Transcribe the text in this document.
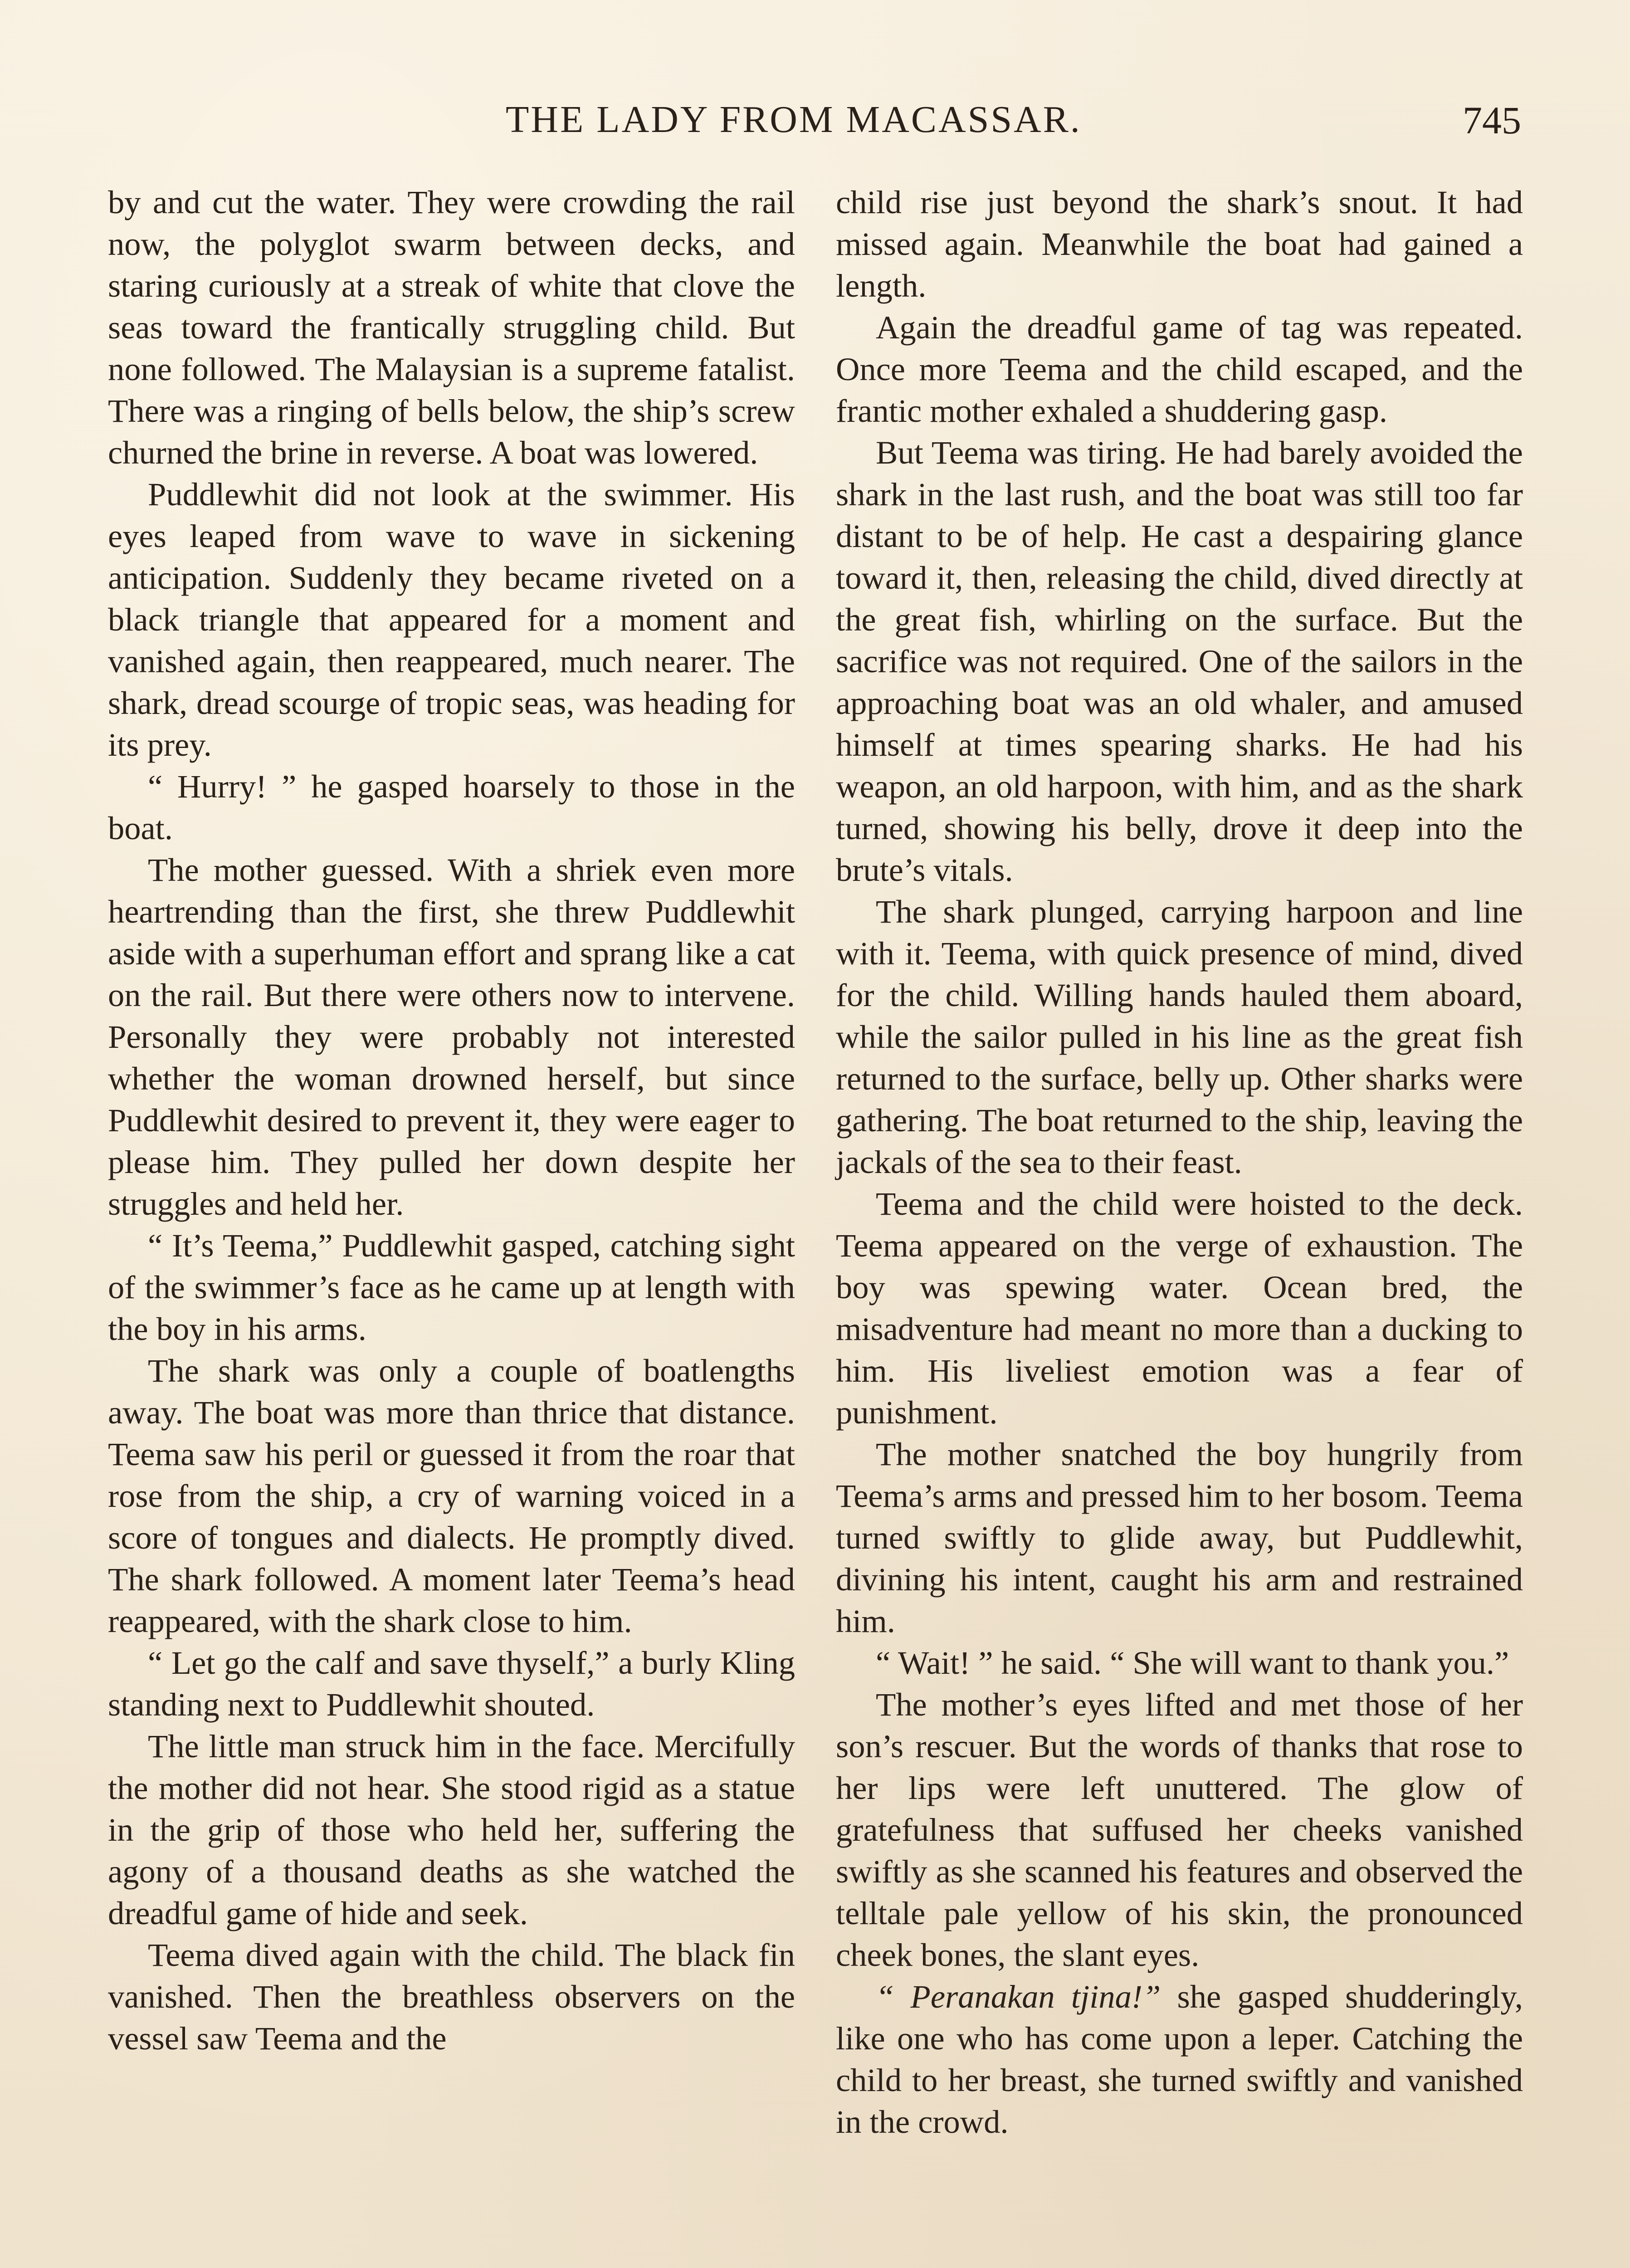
THE LADY FROM MACASSAR.	745

by and cut the water. They were crowding the rail now, the polyglot swarm between decks, and staring curiously at a streak of white that clove the seas toward the frantically struggling child. But none followed. The Malaysian is a supreme fatalist. There was a ringing of bells below, the ship’s screw churned the brine in reverse. A boat was lowered.

Puddlewhit did not look at the swimmer. His eyes leaped from wave to wave in sickening anticipation. Suddenly they became riveted on a black triangle that appeared for a moment and vanished again, then reappeared, much nearer. The shark, dread scourge of tropic seas, was heading for its prey.

“ Hurry! ” he gasped hoarsely to those in the boat.

The mother guessed. With a shriek even more heartrending than the first, she threw Puddlewhit aside with a superhuman effort and sprang like a cat on the rail. But there were others now to intervene. Personally they were probably not interested whether the woman drowned herself, but since Puddlewhit desired to prevent it, they were eager to please him. They pulled her down despite her struggles and held her.

“ It’s Teema,” Puddlewhit gasped, catching sight of the swimmer’s face as he came up at length with the boy in his arms.

The shark was only a couple of boatlengths away. The boat was more than thrice that distance. Teema saw his peril or guessed it from the roar that rose from the ship, a cry of warning voiced in a score of tongues and dialects. He promptly dived. The shark followed. A moment later Teema’s head reappeared, with the shark close to him.

“ Let go the calf and save thyself,” a burly Kling standing next to Puddlewhit shouted.

The little man struck him in the face. Mercifully the mother did not hear. She stood rigid as a statue in the grip of those who held her, suffering the agony of a thousand deaths as she watched the dreadful game of hide and seek.

Teema dived again with the child. The black fin vanished. Then the breathless observers on the vessel saw Teema and the

child rise just beyond the shark’s snout. It had missed again. Meanwhile the boat had gained a length.

Again the dreadful game of tag was repeated. Once more Teema and the child escaped, and the frantic mother exhaled a shuddering gasp.

But Teema was tiring. He had barely avoided the shark in the last rush, and the boat was still too far distant to be of help. He cast a despairing glance toward it, then, releasing the child, dived directly at the great fish, whirling on the surface. But the sacrifice was not required. One of the sailors in the approaching boat was an old whaler, and amused himself at times spearing sharks. He had his weapon, an old harpoon, with him, and as the shark turned, showing his belly, drove it deep into the brute’s vitals.

The shark plunged, carrying harpoon and line with it. Teema, with quick presence of mind, dived for the child. Willing hands hauled them aboard, while the sailor pulled in his line as the great fish returned to the surface, belly up. Other sharks were gathering. The boat returned to the ship, leaving the jackals of the sea to their feast.

Teema and the child were hoisted to the deck. Teema appeared on the verge of exhaustion. The boy was spewing water. Ocean bred, the misadventure had meant no more than a ducking to him. His liveliest emotion was a fear of punishment.

The mother snatched the boy hungrily from Teema’s arms and pressed him to her bosom. Teema turned swiftly to glide away, but Puddlewhit, divining his intent, caught his arm and restrained him.

“ Wait! ” he said. “ She will want to thank you.”

The mother’s eyes lifted and met those of her son’s rescuer. But the words of thanks that rose to her lips were left unuttered. The glow of gratefulness that suffused her cheeks vanished swiftly as she scanned his features and observed the telltale pale yellow of his skin, the pronounced cheek bones, the slant eyes.

“ Peranakan tjina!” she gasped shudderingly, like one who has come upon a leper. Catching the child to her breast, she turned swiftly and vanished in the crowd.
